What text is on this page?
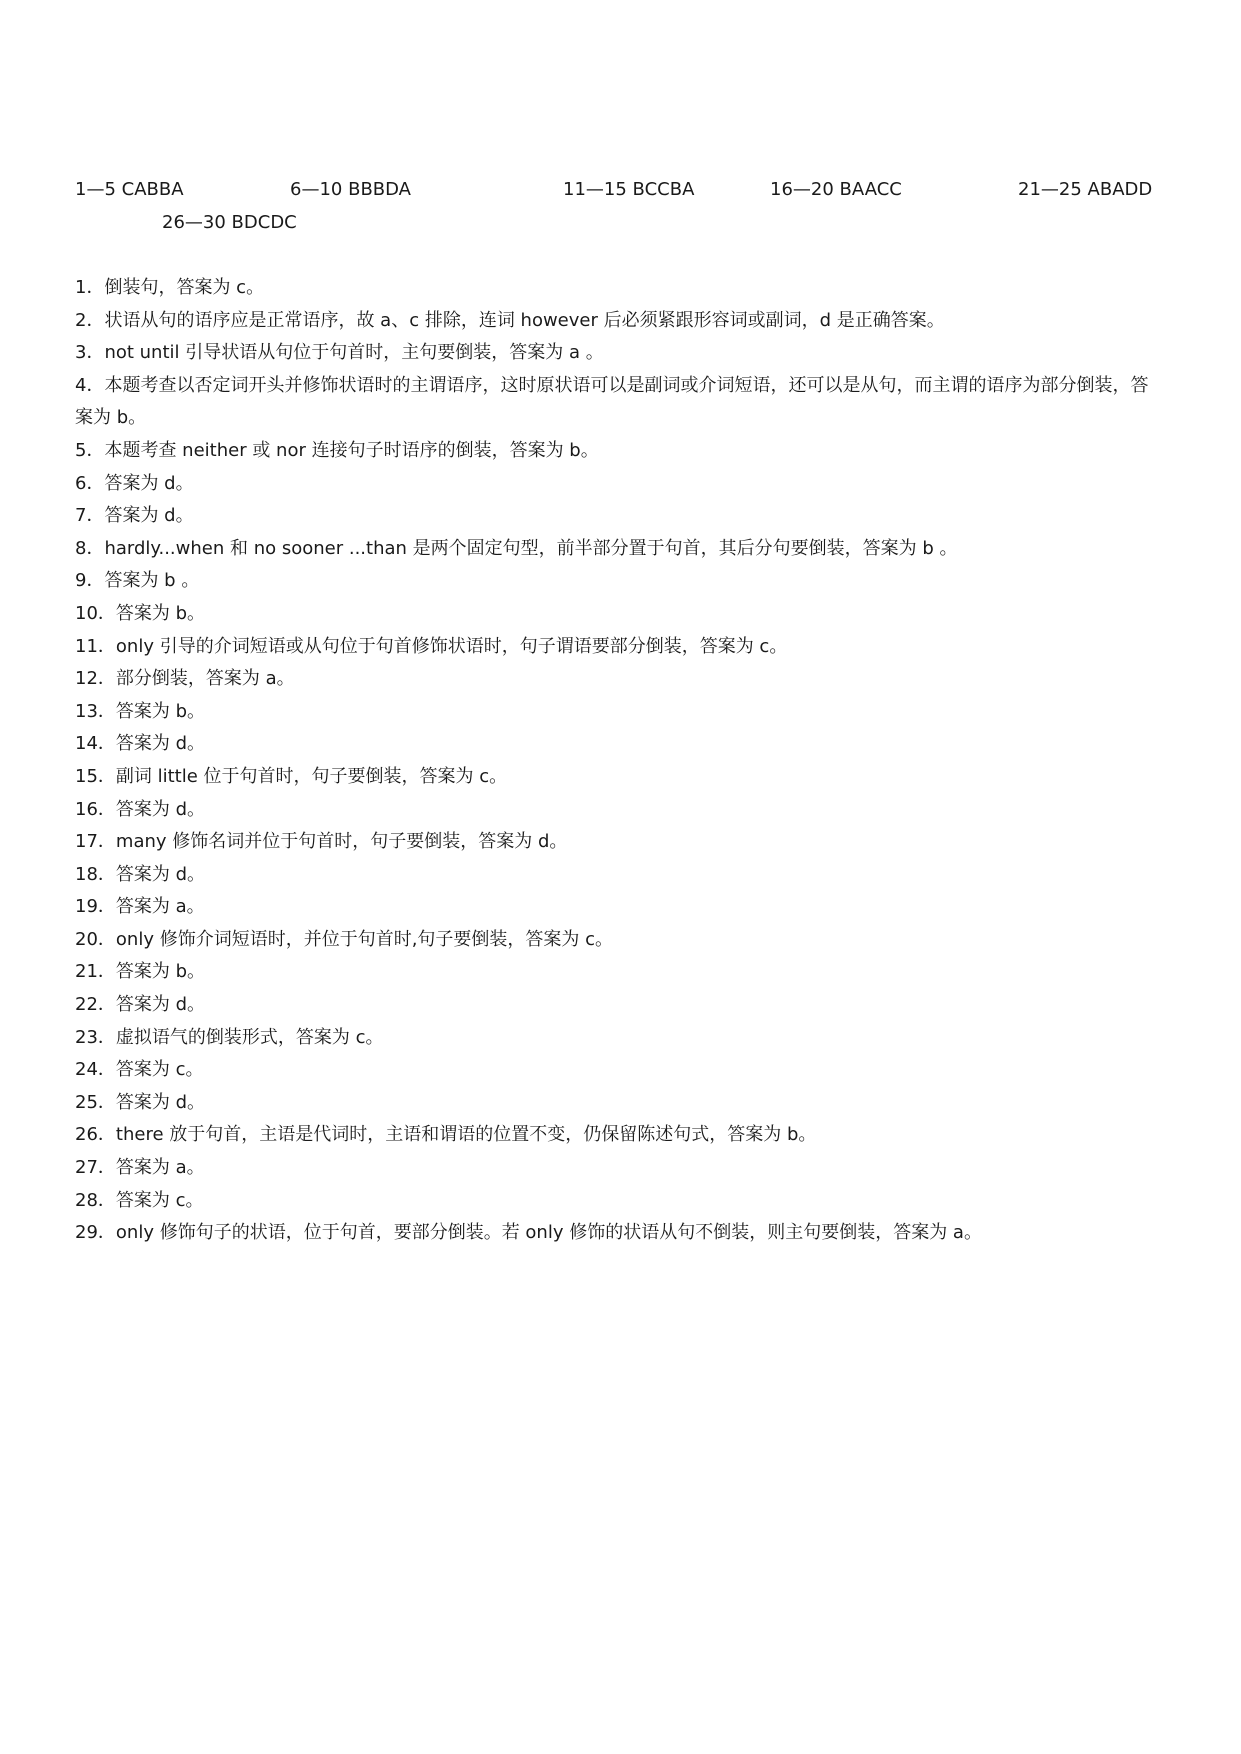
1—5 CABBA	6—10 BBBDA	11—15 BCCBA	16—20 BAACC	21—25 ABADD
26—30 BDCDC
1．倒装句，答案为 c。
2．状语从句的语序应是正常语序，故 a、c 排除，连词 however 后必须紧跟形容词或副词，d 是正确答案。
3．not until 引导状语从句位于句首时，主句要倒装，答案为 a 。
4．本题考查以否定词开头并修饰状语时的主谓语序，这时原状语可以是副词或介词短语，还可以是从句，而主谓的语序为部分倒装，答案为 b。
5．本题考查 neither 或 nor 连接句子时语序的倒装，答案为 b。
6．答案为 d。
7．答案为 d。
8．hardly...when 和 no sooner ...than 是两个固定句型，前半部分置于句首，其后分句要倒装，答案为 b 。
9．答案为 b 。
10．答案为 b。
11．only 引导的介词短语或从句位于句首修饰状语时，句子谓语要部分倒装，答案为 c。
12．部分倒装，答案为 a。
13．答案为 b。
14．答案为 d。
15．副词 little 位于句首时，句子要倒装，答案为 c。
16．答案为 d。
17．many 修饰名词并位于句首时，句子要倒装，答案为 d。
18．答案为 d。
19．答案为 a。
20．only 修饰介词短语时，并位于句首时,句子要倒装，答案为 c。
21．答案为 b。
22．答案为 d。
23．虚拟语气的倒装形式，答案为 c。
24．答案为 c。
25．答案为 d。
26．there 放于句首，主语是代词时，主语和谓语的位置不变，仍保留陈述句式，答案为 b。
27．答案为 a。
28．答案为 c。
29．only 修饰句子的状语，位于句首，要部分倒装。若 only 修饰的状语从句不倒装，则主句要倒装，答案为 a。
